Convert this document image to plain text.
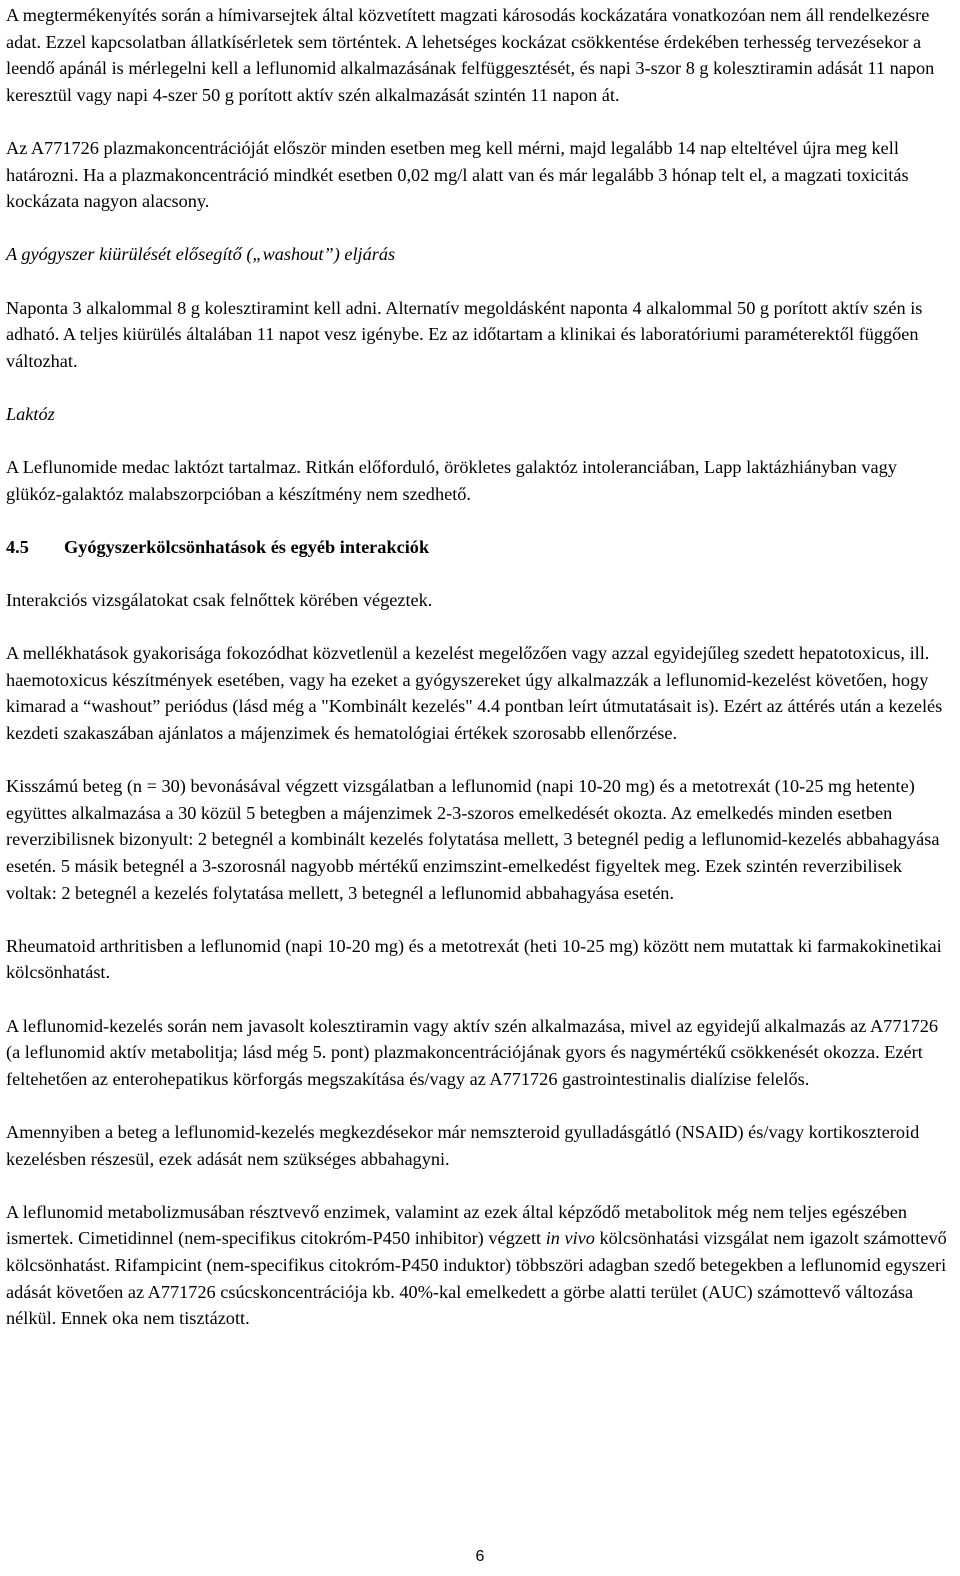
A megtermékenyítés során a hímivarsejtek által közvetített magzati károsodás kockázatára vonatkozóan nem áll rendelkezésre adat. Ezzel kapcsolatban állatkísérletek sem történtek. A lehetséges kockázat csökkentése érdekében terhesség tervezésekor a leendő apánál is mérlegelni kell a leflunomid alkalmazásának felfüggesztését, és napi 3-szor 8 g kolesztiramin adását 11 napon keresztül vagy napi 4-szer 50 g porított aktív szén alkalmazását szintén 11 napon át.

Az A771726 plazmakoncentrációját először minden esetben meg kell mérni, majd legalább 14 nap elteltével újra meg kell határozni. Ha a plazmakoncentráció mindkét esetben 0,02 mg/l alatt van és már legalább 3 hónap telt el, a magzati toxicitás kockázata nagyon alacsony.

A gyógyszer kiürülését elősegítő („washout”) eljárás

Naponta 3 alkalommal 8 g kolesztiramint kell adni. Alternatív megoldásként naponta 4 alkalommal 50 g porított aktív szén is adható. A teljes kiürülés általában 11 napot vesz igénybe. Ez az időtartam a klinikai és laboratóriumi paraméterektől függően változhat.

Laktóz

A Leflunomide medac laktózt tartalmaz. Ritkán előforduló, örökletes galaktóz intoleranciában, Lapp laktázhiányban vagy glükóz-galaktóz malabszorpcióban a készítmény nem szedhető.

4.5 Gyógyszerkölcsönhatások és egyéb interakciók

Interakciós vizsgálatokat csak felnőttek körében végeztek.

A mellékhatások gyakorisága fokozódhat közvetlenül a kezelést megelőzően vagy azzal egyidejűleg szedett hepatotoxicus, ill. haemotoxicus készítmények esetében, vagy ha ezeket a gyógyszereket úgy alkalmazzák a leflunomid-kezelést követően, hogy kimarad a “washout” periódus (lásd még a "Kombinált kezelés" 4.4 pontban leírt útmutatásait is). Ezért az áttérés után a kezelés kezdeti szakaszában ajánlatos a májenzimek és hematológiai értékek szorosabb ellenőrzése.

Kisszámú beteg (n = 30) bevonásával végzett vizsgálatban a leflunomid (napi 10-20 mg) és a metotrexát (10-25 mg hetente) együttes alkalmazása a 30 közül 5 betegben a májenzimek 2-3-szoros emelkedését okozta. Az emelkedés minden esetben reverzibilisnek bizonyult: 2 betegnél a kombinált kezelés folytatása mellett, 3 betegnél pedig a leflunomid-kezelés abbahagyása esetén. 5 másik betegnél a 3-szorosnál nagyobb mértékű enzimszint-emelkedést figyeltek meg. Ezek szintén reverzibilisek voltak: 2 betegnél a kezelés folytatása mellett, 3 betegnél a leflunomid abbahagyása esetén.

Rheumatoid arthritisben a leflunomid (napi 10-20 mg) és a metotrexát (heti 10-25 mg) között nem mutattak ki farmakokinetikai kölcsönhatást.

A leflunomid-kezelés során nem javasolt kolesztiramin vagy aktív szén alkalmazása, mivel az egyidejű alkalmazás az A771726 (a leflunomid aktív metabolitja; lásd még 5. pont) plazmakoncentrációjának gyors és nagymértékű csökkenését okozza. Ezért feltehetően az enterohepatikus körforgás megszakítása és/vagy az A771726 gastrointestinalis dialízise felelős.

Amennyiben a beteg a leflunomid-kezelés megkezdésekor már nemszteroid gyulladásgátló (NSAID) és/vagy kortikoszteroid kezelésben részesül, ezek adását nem szükséges abbahagyni.

A leflunomid metabolizmusában résztvevő enzimek, valamint az ezek által képződő metabolitok még nem teljes egészében ismertek. Cimetidinnel (nem-specifikus citokróm-P450 inhibitor) végzett in vivo kölcsönhatási vizsgálat nem igazolt számottevő kölcsönhatást. Rifampicint (nem-specifikus citokróm-P450 induktor) többszöri adagban szedő betegekben a leflunomid egyszeri adását követően az A771726 csúcskoncentrációja kb. 40%-kal emelkedett a görbe alatti terület (AUC) számottevő változása nélkül. Ennek oka nem tisztázott.

6
